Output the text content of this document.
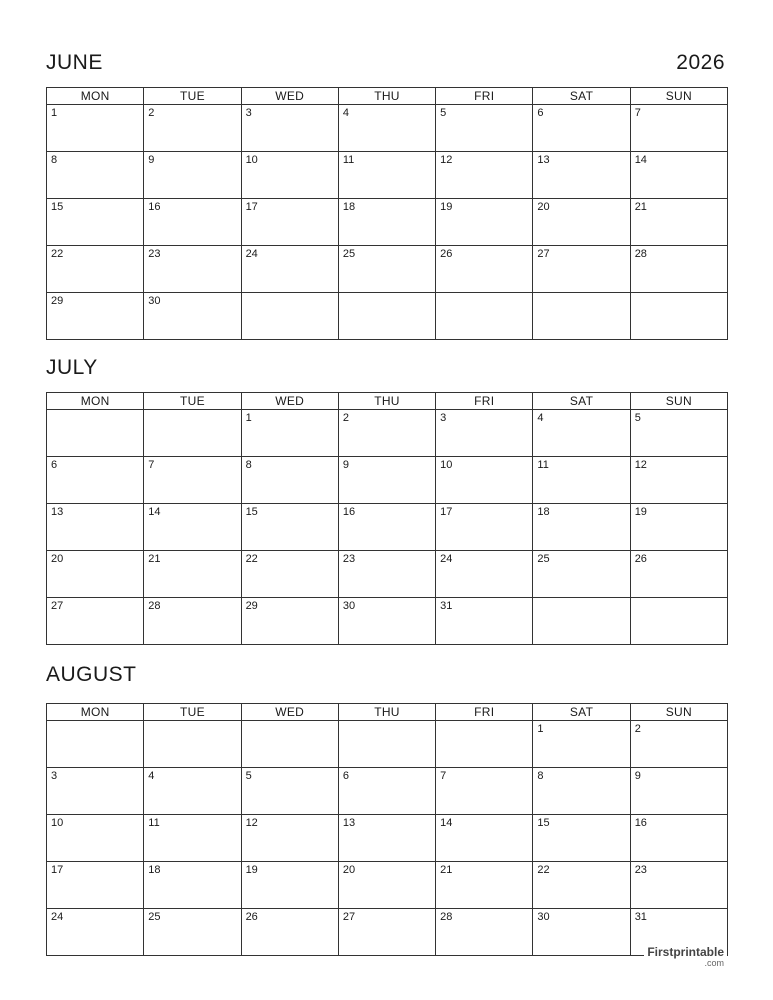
2026
JUNE
MON	TUE	WED	THU	FRI	SAT	SUN

1	2	3	4	5	6	7

8	9	10	11	12	13	14

15	16	17	18	19	20	21

22	23	24	25	26	27	28

29	30					

JULY
MON	TUE	WED	THU	FRI	SAT	SUN

		1	2	3	4	5

6	7	8	9	10	11	12

13	14	15	16	17	18	19

20	21	22	23	24	25	26

27	28	29	30	31		

AUGUST
MON	TUE	WED	THU	FRI	SAT	SUN

					1	2

3	4	5	6	7	8	9

10	11	12	13	14	15	16

17	18	19	20	21	22	23

24	25	26	27	28	30	31
Firstprintable
.com
